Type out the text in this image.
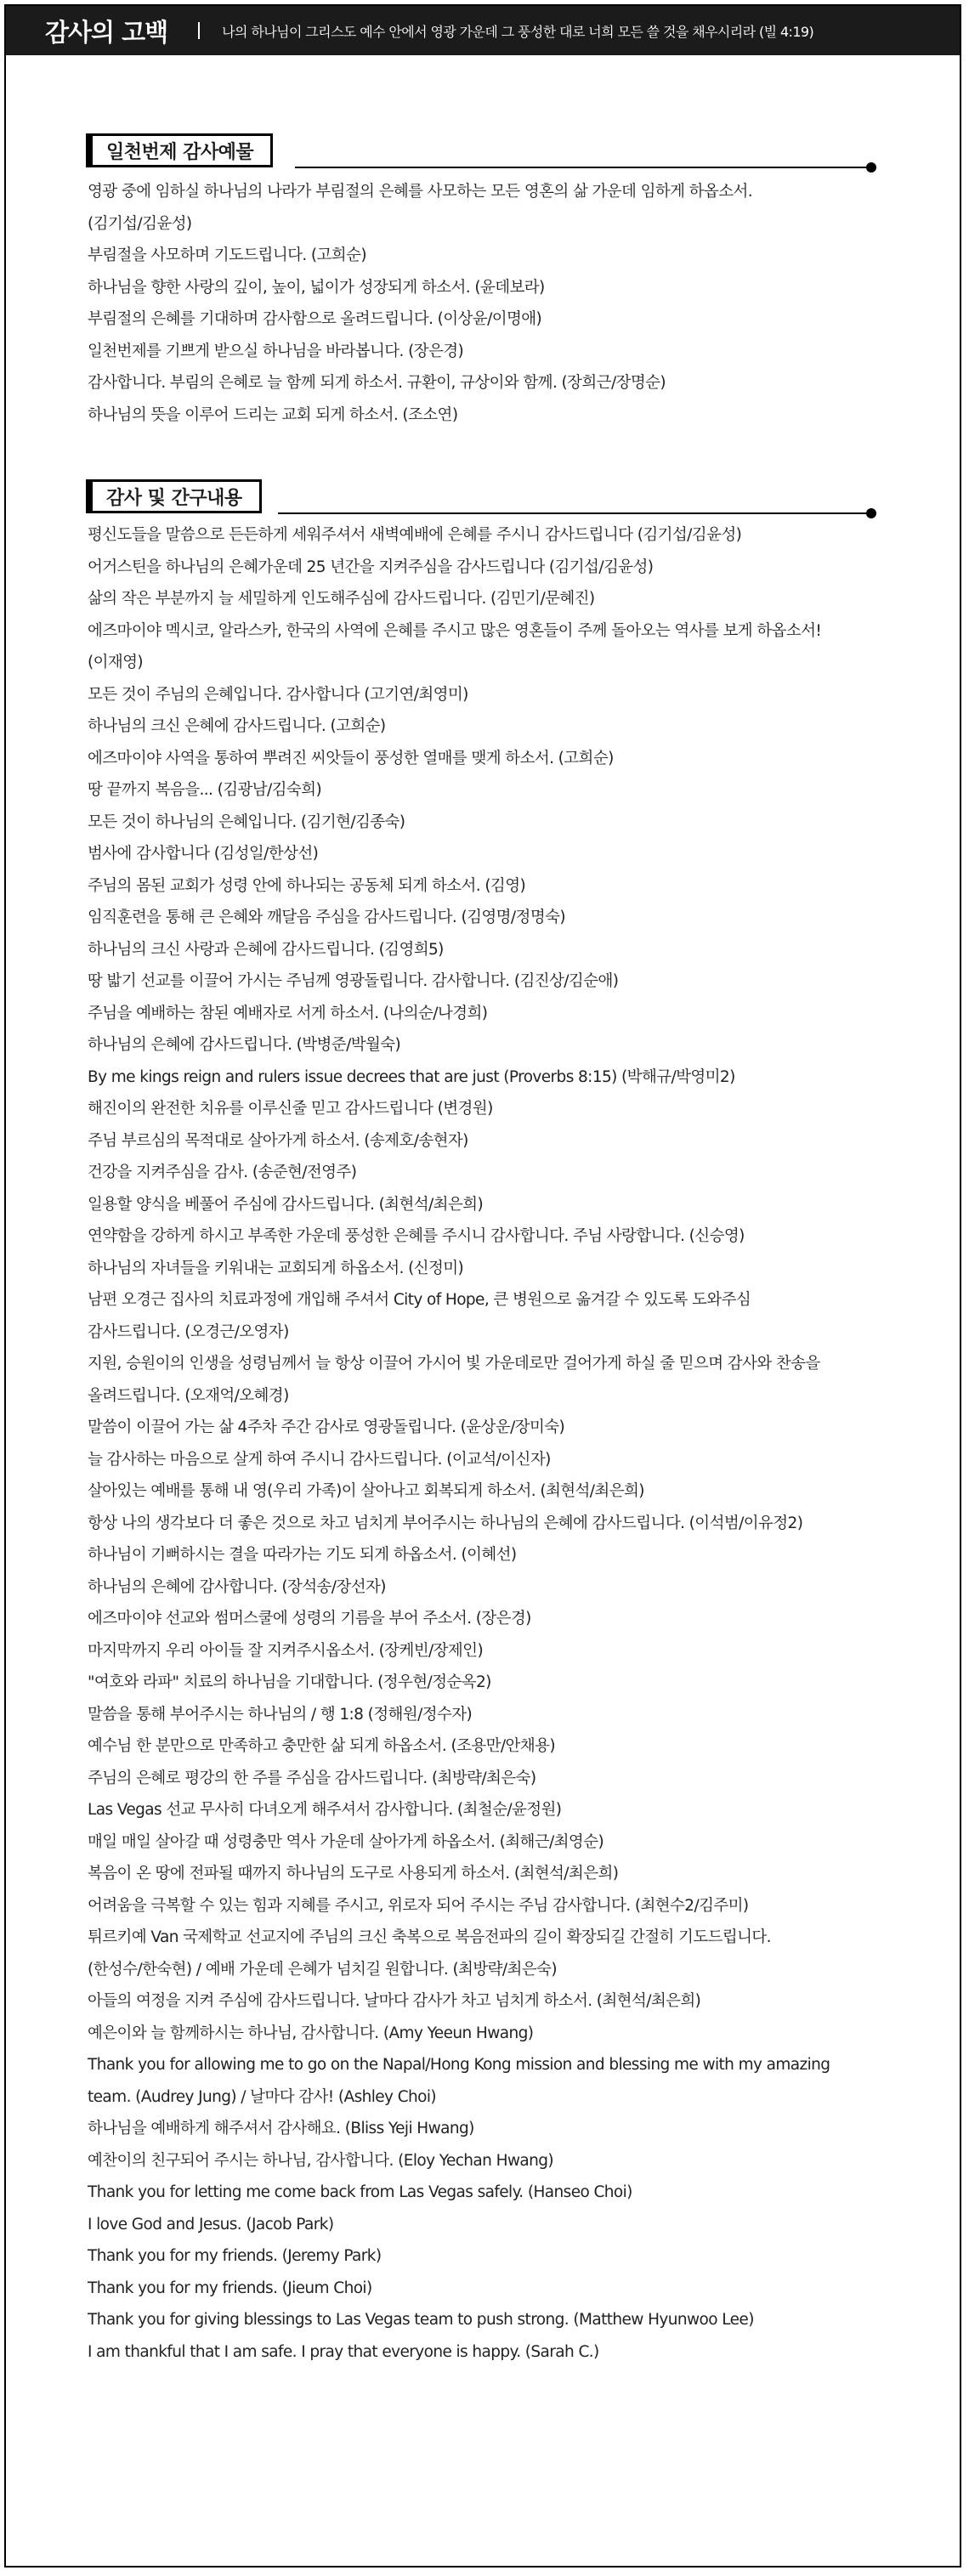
감사의 고백	나의 하나님이 그리스도 예수 안에서 영광 가운데 그 풍성한 대로 너희 모든 쓸 것을 채우시리라 (빌 4:19)
일천번제 감사예물
영광 중에 임하실 하나님의 나라가 부림절의 은혜를 사모하는 모든 영혼의 삶 가운데 임하게 하옵소서.
(김기섭/김윤성)
부림절을 사모하며 기도드립니다. (고희순)
하나님을 향한 사랑의 깊이, 높이, 넓이가 성장되게 하소서. (윤데보라)
부림절의 은혜를 기대하며 감사함으로 올려드립니다. (이상윤/이명애)
일천번제를 기쁘게 받으실 하나님을 바라봅니다. (장은경)
감사합니다. 부림의 은혜로 늘 함께 되게 하소서. 규환이, 규상이와 함께. (장희근/장명순)
하나님의 뜻을 이루어 드리는 교회 되게 하소서. (조소연)
감사 및 간구내용
평신도들을 말씀으로 든든하게 세워주셔서 새벽예배에 은혜를 주시니 감사드립니다 (김기섭/김윤성)
어거스틴을 하나님의 은혜가운데 25 년간을 지켜주심을 감사드립니다 (김기섭/김윤성)
삶의 작은 부분까지 늘 세밀하게 인도해주심에 감사드립니다. (김민기/문혜진)
에즈마이야 멕시코, 알라스카, 한국의 사역에 은혜를 주시고 많은 영혼들이 주께 돌아오는 역사를 보게 하옵소서!
(이재영)
모든 것이 주님의 은혜입니다. 감사합니다 (고기연/최영미)
하나님의 크신 은혜에 감사드립니다. (고희순)
에즈마이야 사역을 통하여 뿌려진 씨앗들이 풍성한 열매를 맺게 하소서. (고희순)
땅 끝까지 복음을... (김광남/김숙희)
모든 것이 하나님의 은혜입니다. (김기현/김종숙)
범사에 감사합니다 (김성일/한상선)
주님의 몸된 교회가 성령 안에 하나되는 공동체 되게 하소서. (김영)
임직훈련을 통해 큰 은혜와 깨달음 주심을 감사드립니다. (김영명/정명숙)
하나님의 크신 사랑과 은혜에 감사드립니다. (김영희5)
땅 밟기 선교를 이끌어 가시는 주님께 영광돌립니다. 감사합니다. (김진상/김순애)
주님을 예배하는 참된 예배자로 서게 하소서. (나의순/나경희)
하나님의 은혜에 감사드립니다. (박병준/박월숙)
By me kings reign and rulers issue decrees that are just (Proverbs 8:15) (박해규/박영미2)
해진이의 완전한 치유를 이루신줄 믿고 감사드립니다 (변경원)
주님 부르심의 목적대로 살아가게 하소서. (송제호/송현자)
건강을 지켜주심을 감사. (송준현/전영주)
일용할 양식을 베풀어 주심에 감사드립니다. (최현석/최은희)
연약함을 강하게 하시고 부족한 가운데 풍성한 은혜를 주시니 감사합니다. 주님 사랑합니다. (신승영)
하나님의 자녀들을 키워내는 교회되게 하옵소서. (신정미)
남편 오경근 집사의 치료과정에 개입해 주셔서 City of Hope, 큰 병원으로 옮겨갈 수 있도록 도와주심
감사드립니다. (오경근/오영자)
지원, 승원이의 인생을 성령님께서 늘 항상 이끌어 가시어 빛 가운데로만 걸어가게 하실 줄 믿으며 감사와 찬송을
올려드립니다. (오재억/오혜경)
말씀이 이끌어 가는 삶 4주차 주간 감사로 영광돌립니다. (윤상운/장미숙)
늘 감사하는 마음으로 살게 하여 주시니 감사드립니다. (이교석/이신자)
살아있는 예배를 통해 내 영(우리 가족)이 살아나고 회복되게 하소서. (최현석/최은희)
항상 나의 생각보다 더 좋은 것으로 차고 넘치게 부어주시는 하나님의 은혜에 감사드립니다. (이석범/이유정2)
하나님이 기뻐하시는 결을 따라가는 기도 되게 하옵소서. (이혜선)
하나님의 은혜에 감사합니다. (장석송/장선자)
에즈마이야 선교와 썸머스쿨에 성령의 기름을 부어 주소서. (장은경)
마지막까지 우리 아이들 잘 지켜주시옵소서. (장케빈/장제인)
"여호와 라파" 치료의 하나님을 기대합니다. (정우현/정순옥2)
말씀을 통해 부어주시는 하나님의 / 행 1:8 (정해원/정수자)
예수님 한 분만으로 만족하고 충만한 삶 되게 하옵소서. (조용만/안채용)
주님의 은혜로 평강의 한 주를 주심을 감사드립니다. (최방략/최은숙)
Las Vegas 선교 무사히 다녀오게 해주셔서 감사합니다. (최철순/윤정원)
매일 매일 살아갈 때 성령충만 역사 가운데 살아가게 하옵소서. (최해근/최영순)
복음이 온 땅에 전파될 때까지 하나님의 도구로 사용되게 하소서. (최현석/최은희)
어려움을 극복할 수 있는 힘과 지혜를 주시고, 위로자 되어 주시는 주님 감사합니다. (최현수2/김주미)
튀르키예 Van 국제학교 선교지에 주님의 크신 축복으로 복음전파의 길이 확장되길 간절히 기도드립니다.
(한성수/한숙현) / 예배 가운데 은혜가 넘치길 원합니다. (최방략/최은숙)
아들의 여정을 지켜 주심에 감사드립니다. 날마다 감사가 차고 넘치게 하소서. (최현석/최은희)
예은이와 늘 함께하시는 하나님, 감사합니다. (Amy Yeeun Hwang)
Thank you for allowing me to go on the Napal/Hong Kong mission and blessing me with my amazing
team. (Audrey Jung) / 날마다 감사! (Ashley Choi)
하나님을 예배하게 해주셔서 감사해요. (Bliss Yeji Hwang)
예찬이의 친구되어 주시는 하나님, 감사합니다. (Eloy Yechan Hwang)
Thank you for letting me come back from Las Vegas safely. (Hanseo Choi)
I love God and Jesus. (Jacob Park)
Thank you for my friends. (Jeremy Park)
Thank you for my friends. (Jieum Choi)
Thank you for giving blessings to Las Vegas team to push strong. (Matthew Hyunwoo Lee)
I am thankful that I am safe. I pray that everyone is happy. (Sarah C.)
